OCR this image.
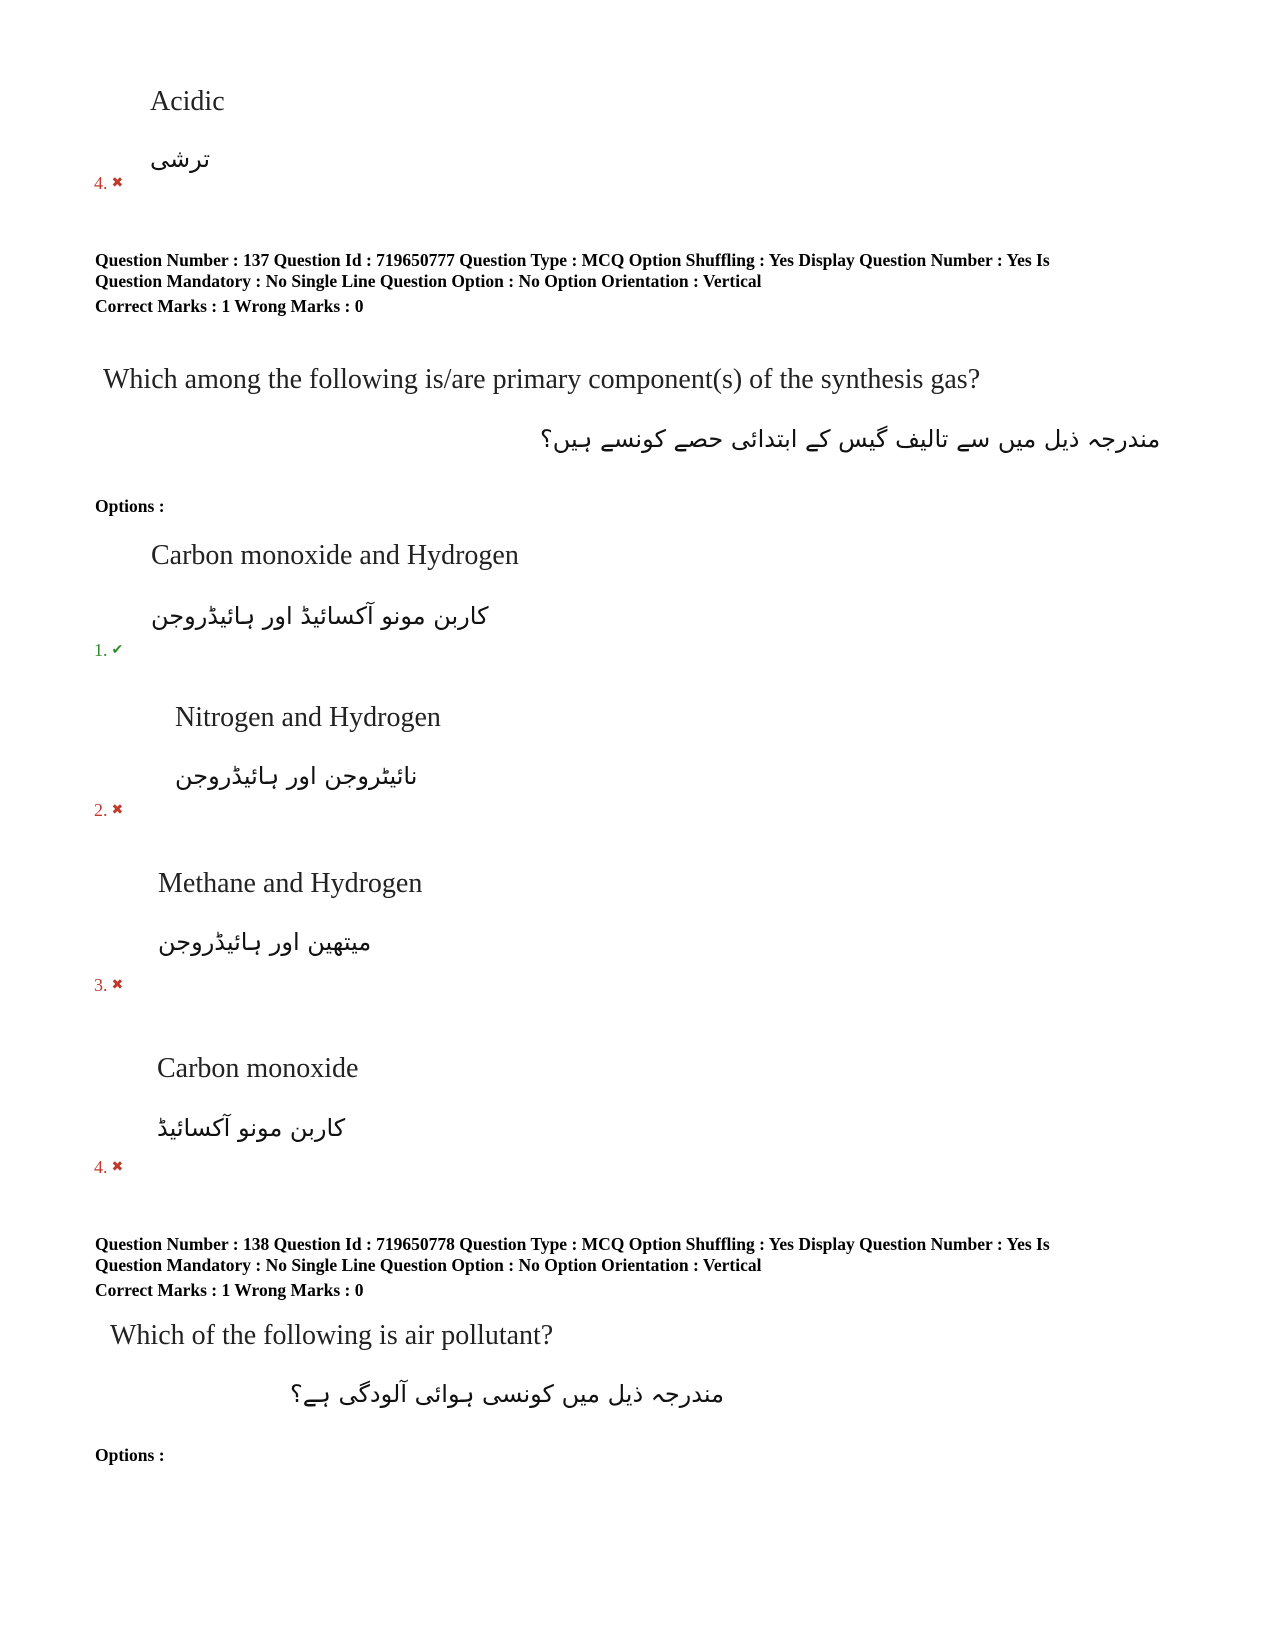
Acidic
ترشی
4. ✖
Question Number : 137 Question Id : 719650777 Question Type : MCQ Option Shuffling : Yes Display Question Number : Yes Is
Question Mandatory : No Single Line Question Option : No Option Orientation : Vertical
Correct Marks : 1 Wrong Marks : 0
Which among the following is/are primary component(s) of the synthesis gas?
مندرجہ ذیل میں سے تالیف گیس کے ابتدائی حصے کونسے ہیں؟
Options :
Carbon monoxide and Hydrogen
کاربن مونو آکسائیڈ اور ہائیڈروجن
1. ✔
Nitrogen and Hydrogen
نائیٹروجن اور ہائیڈروجن
2. ✖
Methane and Hydrogen
میتھین اور ہائیڈروجن
3. ✖
Carbon monoxide
کاربن مونو آکسائیڈ
4. ✖
Question Number : 138 Question Id : 719650778 Question Type : MCQ Option Shuffling : Yes Display Question Number : Yes Is
Question Mandatory : No Single Line Question Option : No Option Orientation : Vertical
Correct Marks : 1 Wrong Marks : 0
Which of the following is air pollutant?
مندرجہ ذیل میں کونسی ہوائی آلودگی ہے؟
Options :
